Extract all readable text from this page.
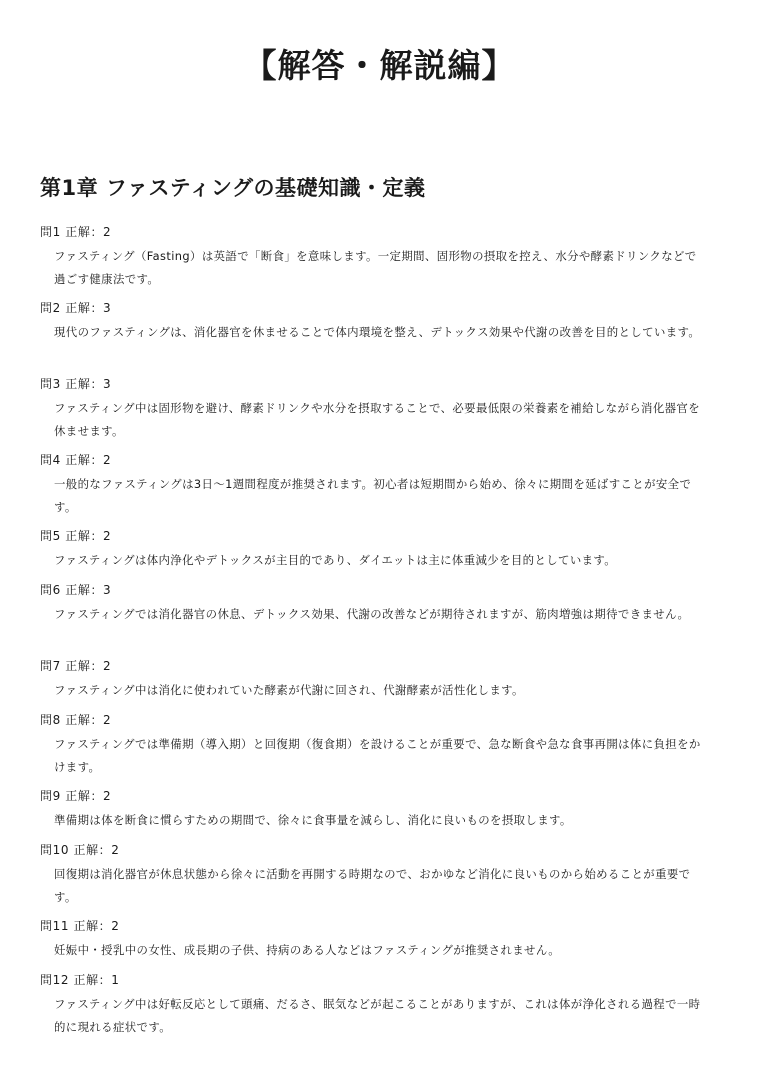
【解答・解説編】
第1章 ファスティングの基礎知識・定義
問1 正解：2
ファスティング（Fasting）は英語で「断食」を意味します。一定期間、固形物の摂取を控え、水分や酵素ドリンクなどで過ごす健康法です。
問2 正解：3
現代のファスティングは、消化器官を休ませることで体内環境を整え、デトックス効果や代謝の改善を目的としています。
問3 正解：3
ファスティング中は固形物を避け、酵素ドリンクや水分を摂取することで、必要最低限の栄養素を補給しながら消化器官を休ませます。
問4 正解：2
一般的なファスティングは3日〜1週間程度が推奨されます。初心者は短期間から始め、徐々に期間を延ばすことが安全です。
問5 正解：2
ファスティングは体内浄化やデトックスが主目的であり、ダイエットは主に体重減少を目的としています。
問6 正解：3
ファスティングでは消化器官の休息、デトックス効果、代謝の改善などが期待されますが、筋肉増強は期待できません。
問7 正解：2
ファスティング中は消化に使われていた酵素が代謝に回され、代謝酵素が活性化します。
問8 正解：2
ファスティングでは準備期（導入期）と回復期（復食期）を設けることが重要で、急な断食や急な食事再開は体に負担をかけます。
問9 正解：2
準備期は体を断食に慣らすための期間で、徐々に食事量を減らし、消化に良いものを摂取します。
問10 正解：2
回復期は消化器官が休息状態から徐々に活動を再開する時期なので、おかゆなど消化に良いものから始めることが重要です。
問11 正解：2
妊娠中・授乳中の女性、成長期の子供、持病のある人などはファスティングが推奨されません。
問12 正解：1
ファスティング中は好転反応として頭痛、だるさ、眠気などが起こることがありますが、これは体が浄化される過程で一時的に現れる症状です。
